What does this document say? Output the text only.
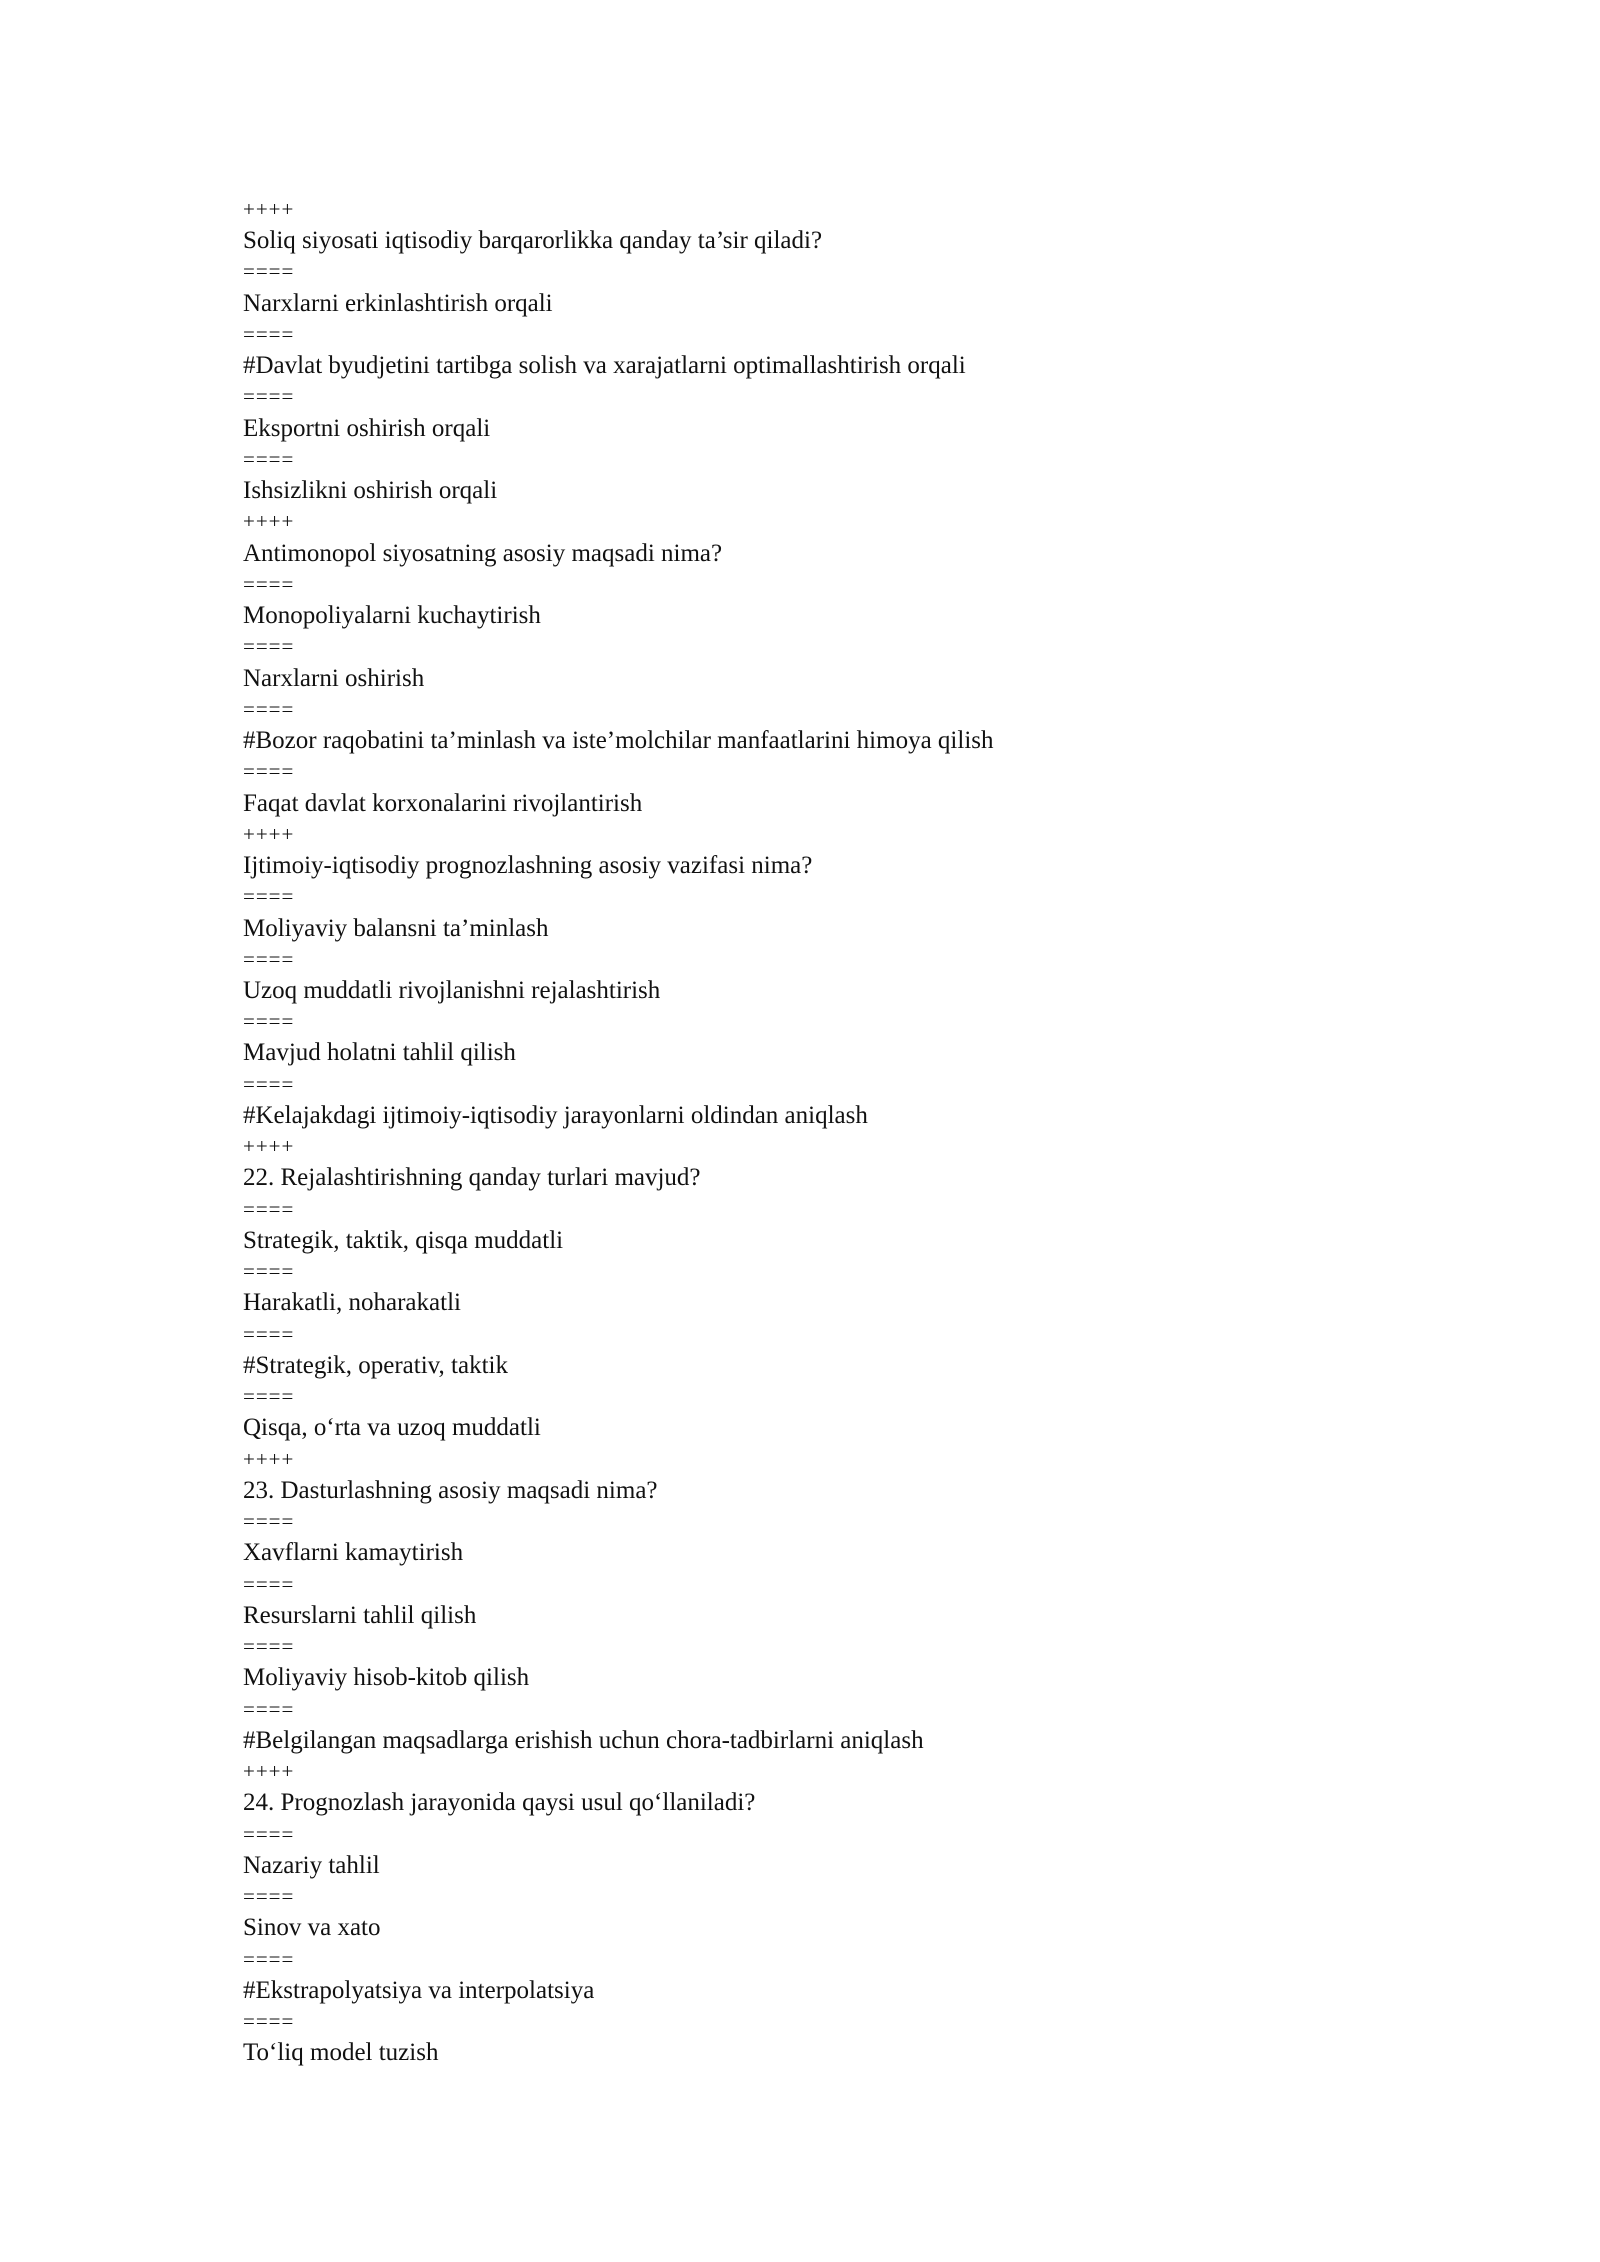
++++
Soliq siyosati iqtisodiy barqarorlikka qanday ta’sir qiladi?
====
Narxlarni erkinlashtirish orqali
====
#Davlat byudjetini tartibga solish va xarajatlarni optimallashtirish orqali
====
Eksportni oshirish orqali
====
Ishsizlikni oshirish orqali
++++
Antimonopol siyosatning asosiy maqsadi nima?
====
Monopoliyalarni kuchaytirish
====
Narxlarni oshirish
====
#Bozor raqobatini ta’minlash va iste’molchilar manfaatlarini himoya qilish
====
Faqat davlat korxonalarini rivojlantirish
++++
Ijtimoiy-iqtisodiy prognozlashning asosiy vazifasi nima?
====
Moliyaviy balansni ta’minlash
====
Uzoq muddatli rivojlanishni rejalashtirish
====
Mavjud holatni tahlil qilish
====
#Kelajakdagi ijtimoiy-iqtisodiy jarayonlarni oldindan aniqlash
++++
22. Rejalashtirishning qanday turlari mavjud?
====
Strategik, taktik, qisqa muddatli
====
Harakatli, noharakatli
====
#Strategik, operativ, taktik
====
Qisqa, o‘rta va uzoq muddatli
++++
23. Dasturlashning asosiy maqsadi nima?
====
Xavflarni kamaytirish
====
Resurslarni tahlil qilish
====
Moliyaviy hisob-kitob qilish
====
#Belgilangan maqsadlarga erishish uchun chora-tadbirlarni aniqlash
++++
24. Prognozlash jarayonida qaysi usul qo‘llaniladi?
====
Nazariy tahlil
====
Sinov va xato
====
#Ekstrapolyatsiya va interpolatsiya
====
To‘liq model tuzish
